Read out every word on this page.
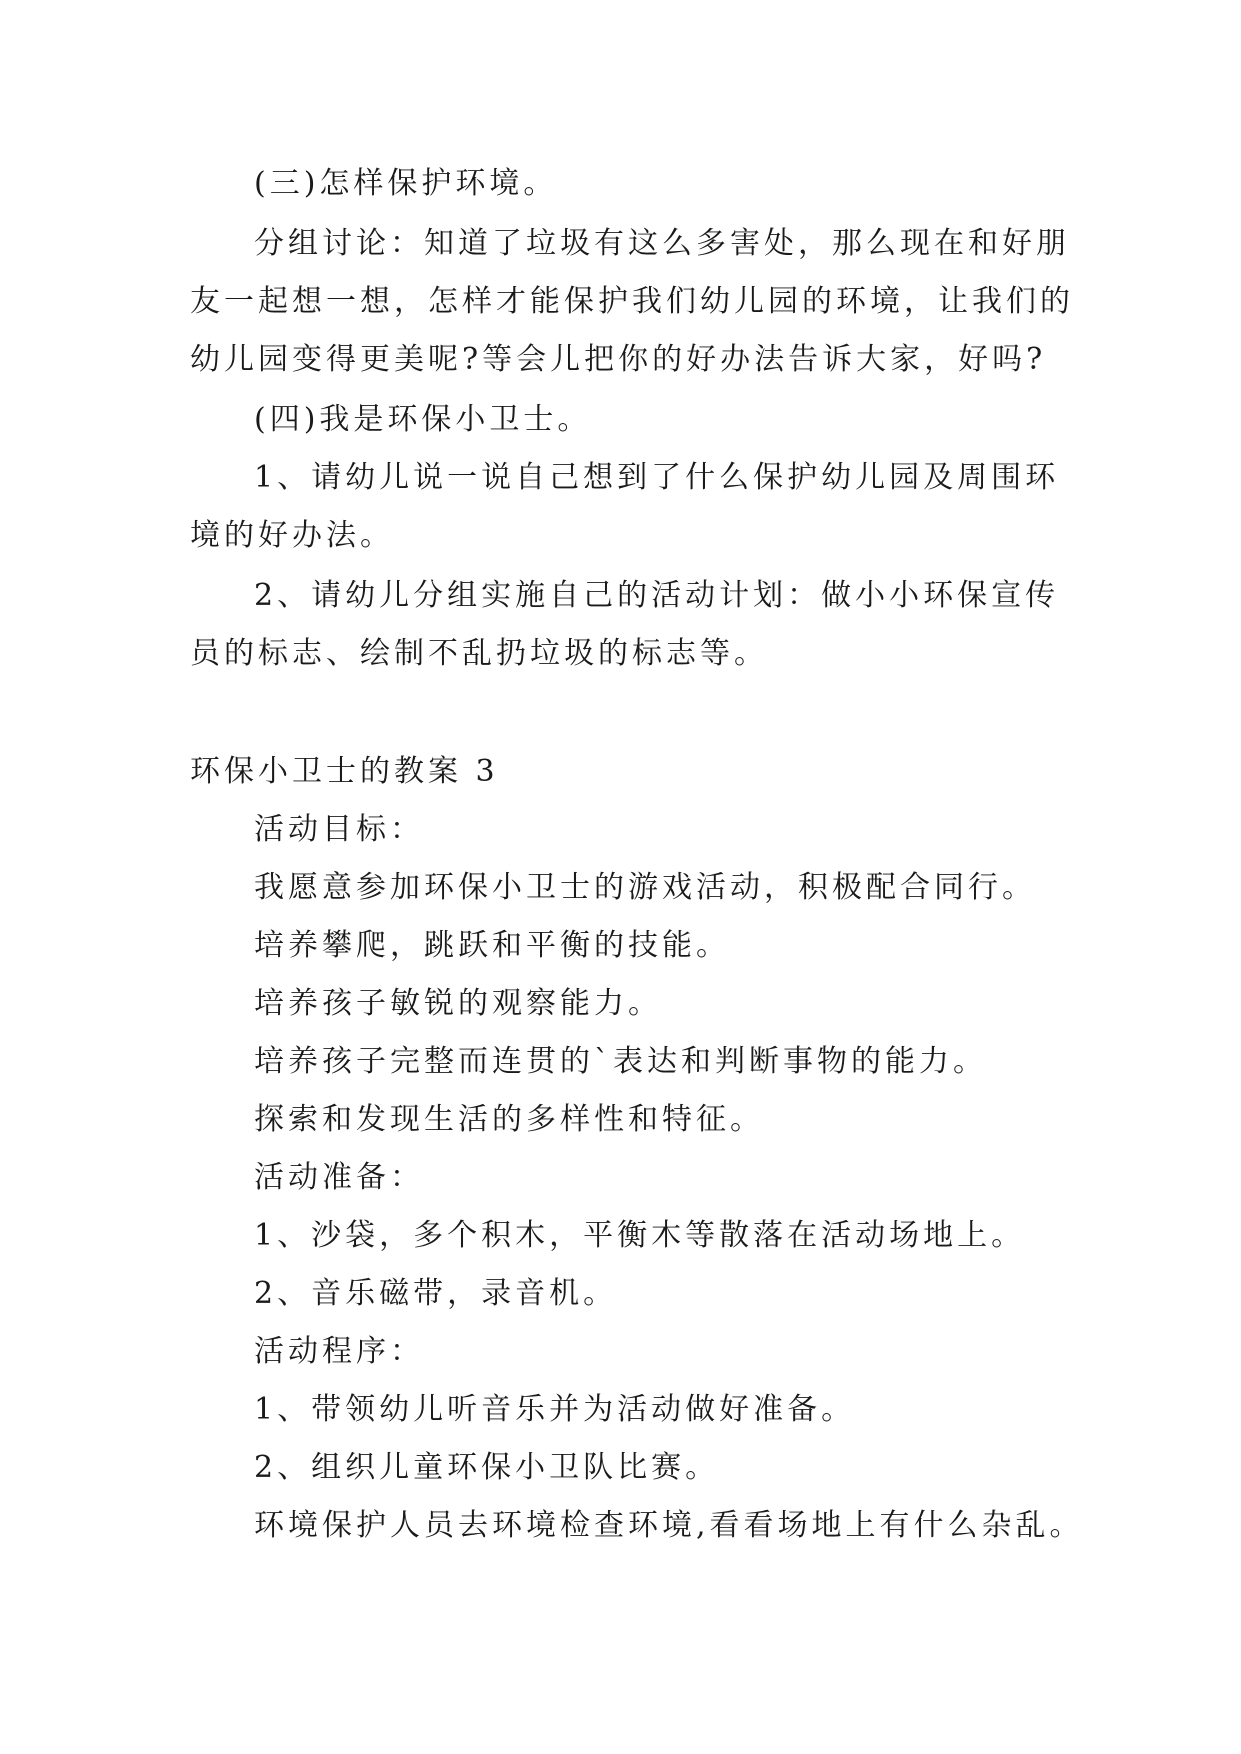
(三)怎样保护环境。
分组讨论：知道了垃圾有这么多害处，那么现在和好朋
友一起想一想，怎样才能保护我们幼儿园的环境，让我们的
幼儿园变得更美呢?等会儿把你的好办法告诉大家，好吗?
(四)我是环保小卫士。
1、请幼儿说一说自己想到了什么保护幼儿园及周围环
境的好办法。
2、请幼儿分组实施自己的活动计划：做小小环保宣传
员的标志、绘制不乱扔垃圾的标志等。
环保小卫士的教案 3
活动目标：
我愿意参加环保小卫士的游戏活动，积极配合同行。
培养攀爬，跳跃和平衡的技能。
培养孩子敏锐的观察能力。
培养孩子完整而连贯的`表达和判断事物的能力。
探索和发现生活的多样性和特征。
活动准备：
1、沙袋，多个积木，平衡木等散落在活动场地上。
2、音乐磁带，录音机。
活动程序：
1、带领幼儿听音乐并为活动做好准备。
2、组织儿童环保小卫队比赛。
环境保护人员去环境检查环境,看看场地上有什么杂乱。
